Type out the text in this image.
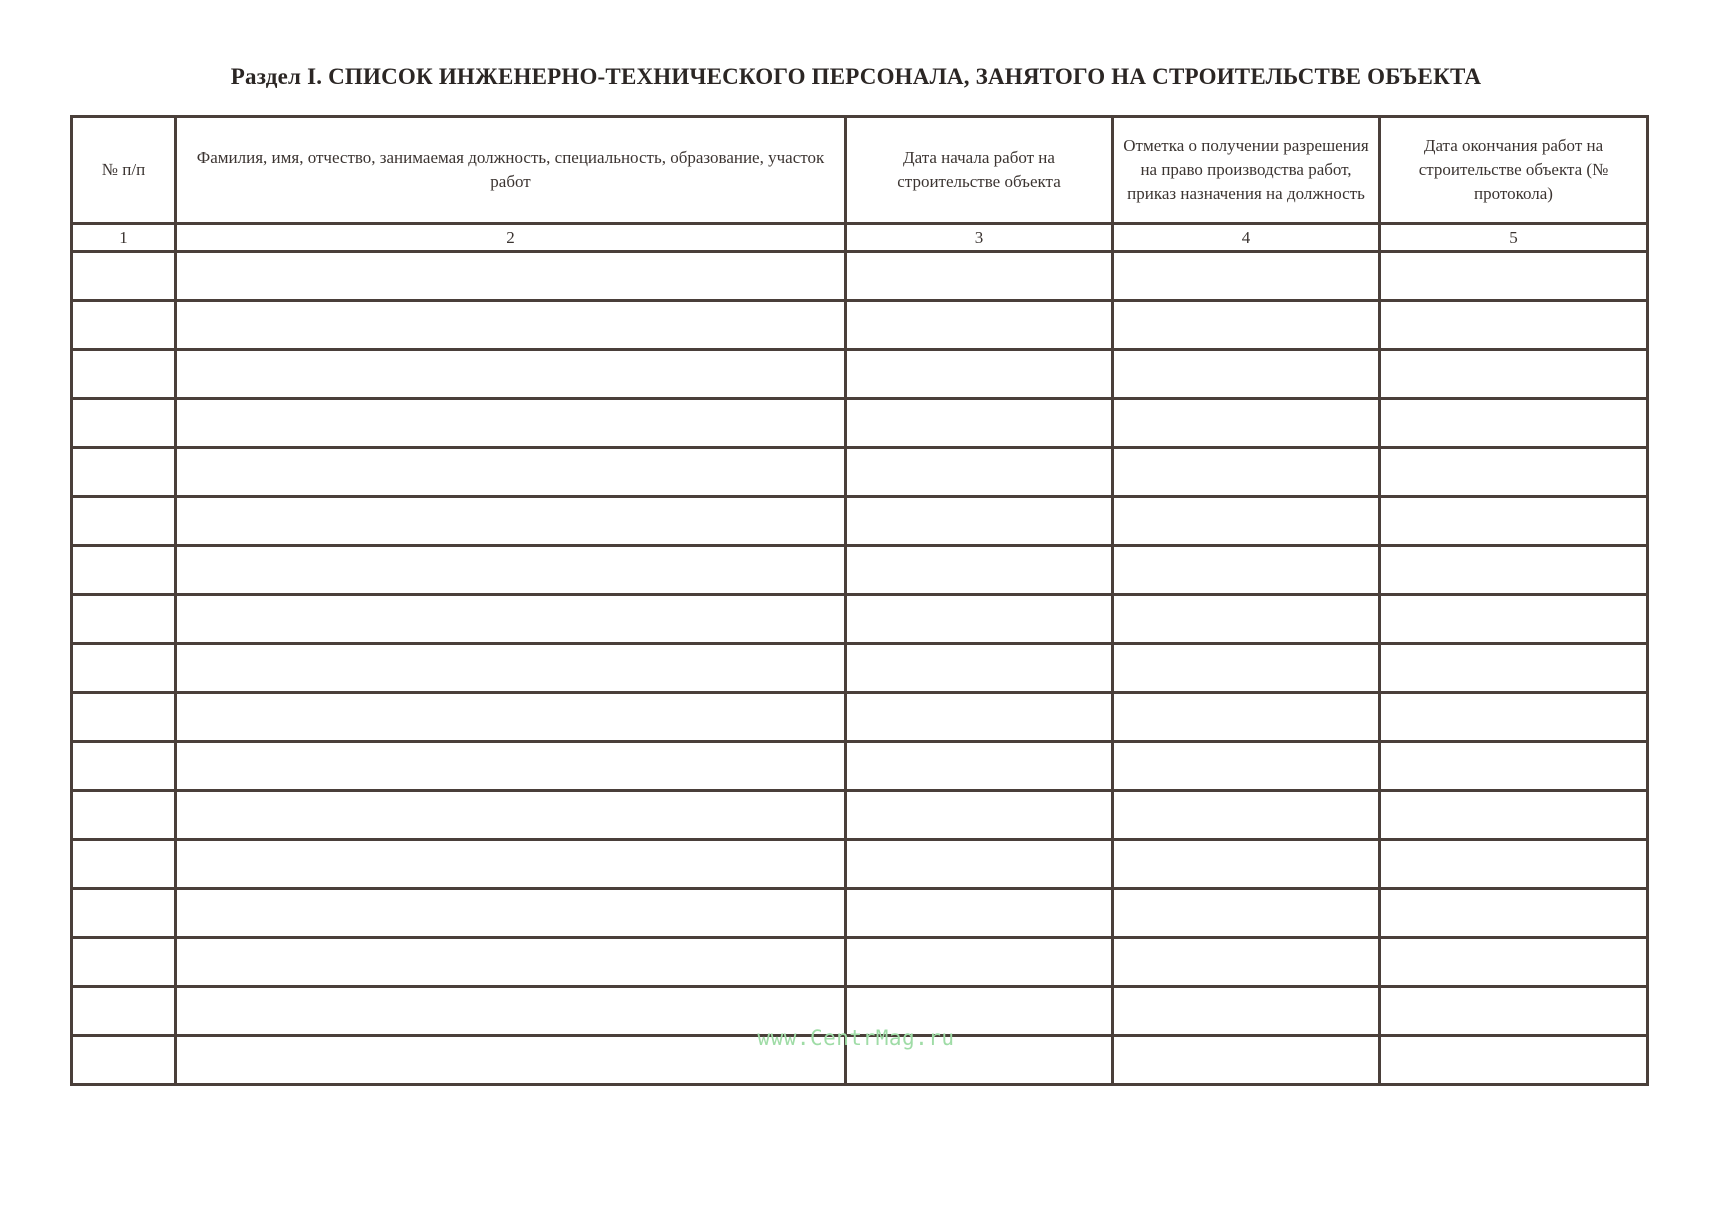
Раздел I. СПИСОК ИНЖЕНЕРНО-ТЕХНИЧЕСКОГО ПЕРСОНАЛА, ЗАНЯТОГО НА СТРОИТЕЛЬСТВЕ ОБЪЕКТА
№ п/п	Фамилия, имя, отчество, занимаемая должность, специальность, образование, участок работ	Дата начала работ на строительстве объекта	Отметка о получении разрешения на право производства работ, приказ назначения на должность	Дата окончания работ на строительстве объекта (№ протокола)
1	2	3	4	5

www.CentrMag.ru
